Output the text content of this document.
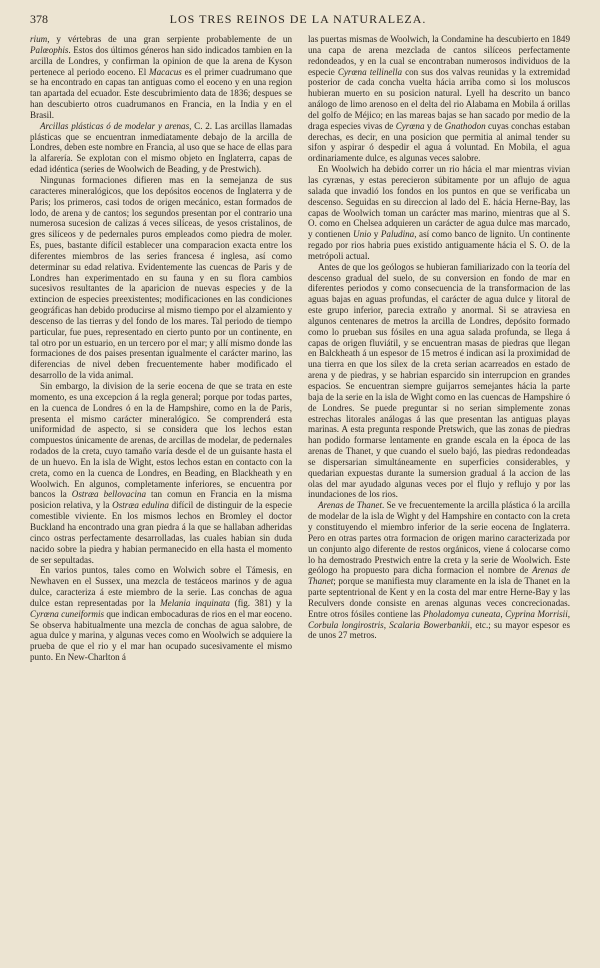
378	LOS TRES REINOS DE LA NATURALEZA.

rium, y vértebras de una gran serpiente probablemente de un Palœophis. Estos dos últimos géneros han sido indicados tambien en la arcilla de Londres, y confirman la opinion de que la arena de Kyson pertenece al periodo eoceno. El Macacus es el primer cuadrumano que se ha encontrado en capas tan antiguas como el eoceno y en una region tan apartada del ecuador. Este descubrimiento data de 1836; despues se han descubierto otros cuadrumanos en Francia, en la India y en el Brasil.

Arcillas plásticas ó de modelar y arenas, C. 2. Las arcillas llamadas plásticas que se encuentran inmediatamente debajo de la arcilla de Londres, deben este nombre en Francia, al uso que se hace de ellas para la alfarería. Se explotan con el mismo objeto en Inglaterra, capas de edad idéntica (series de Woolwich de Beading, y de Prestwich).

Ningunas formaciones difieren mas en la semejanza de sus caracteres mineralógicos, que los depósitos eocenos de Inglaterra y de Paris; los primeros, casi todos de origen mecánico, estan formados de lodo, de arena y de cantos; los segundos presentan por el contrario una numerosa sucesion de calizas á veces silíceas, de yesos cristalinos, de gres silíceos y de pedernales puros empleados como piedra de moler. Es, pues, bastante difícil establecer una comparacion exacta entre los diferentes miembros de las series francesa é inglesa, así como determinar su edad relativa. Evidentemente las cuencas de Paris y de Londres han experimentado en su fauna y en su flora cambios sucesivos resultantes de la aparicion de nuevas especies y de la extincion de especies preexistentes; modificaciones en las condiciones geográficas han debido producirse al mismo tiempo por el alzamiento y descenso de las tierras y del fondo de los mares. Tal periodo de tiempo particular, fue pues, representado en cierto punto por un continente, en tal otro por un estuario, en un tercero por el mar; y allí mismo donde las formaciones de dos paises presentan igualmente el carácter marino, las diferencias de nivel deben frecuentemente haber modificado el desarrollo de la vida animal.

Sin embargo, la division de la serie eocena de que se trata en este momento, es una excepcion á la regla general; porque por todas partes, en la cuenca de Londres ó en la de Hampshire, como en la de Paris, presenta el mismo carácter mineralógico. Se comprenderá esta uniformidad de aspecto, si se considera que los lechos estan compuestos únicamente de arenas, de arcillas de modelar, de pedernales rodados de la creta, cuyo tamaño varía desde el de un guisante hasta el de un huevo. En la isla de Wight, estos lechos estan en contacto con la creta, como en la cuenca de Londres, en Beading, en Blackheath y en Woolwich. En algunos, completamente inferiores, se encuentra por bancos la Ostræa bellovacina tan comun en Francia en la misma posicion relativa, y la Ostræa edulina difícil de distinguir de la especie comestible viviente. En los mismos lechos en Bromley el doctor Buckland ha encontrado una gran piedra á la que se hallaban adheridas cinco ostras perfectamente desarrolladas, las cuales habian sin duda nacido sobre la piedra y habian permanecido en ella hasta el momento de ser sepultadas.

En varios puntos, tales como en Wolwich sobre el Támesis, en Newhaven en el Sussex, una mezcla de testáceos marinos y de agua dulce, caracteriza á este miembro de la serie. Las conchas de agua dulce estan representadas por la Melania inquinata (fig. 381) y la Cyrœna cuneiformis que indican embocaduras de rios en el mar eoceno. Se observa habitualmente una mezcla de conchas de agua salobre, de agua dulce y marina, y algunas veces como en Woolwich se adquiere la prueba de que el rio y el mar han ocupado sucesivamente el mismo punto. En New-Charlton á

las puertas mismas de Woolwich, la Condamine ha descubierto en 1849 una capa de arena mezclada de cantos silíceos perfectamente redondeados, y en la cual se encontraban numerosos individuos de la especie Cyrœna tellinella con sus dos valvas reunidas y la extremidad posterior de cada concha vuelta hácia arriba como si los moluscos hubieran muerto en su posicion natural. Lyell ha descrito un banco análogo de limo arenoso en el delta del rio Alabama en Mobila á orillas del golfo de Méjico; en las mareas bajas se han sacado por medio de la draga especies vivas de Cyrœna y de Gnathodon cuyas conchas estaban derechas, es decir, en una posicion que permitia al animal tender su sifon y aspirar ó despedir el agua á voluntad. En Mobila, el agua ordinariamente dulce, es algunas veces salobre.

En Woolwich ha debido correr un rio hácia el mar mientras vivian las cyrænas, y estas perecieron súbitamente por un aflujo de agua salada que invadió los fondos en los puntos en que se verificaba un descenso. Seguidas en su direccion al lado del E. hácia Herne-Bay, las capas de Woolwich toman un carácter mas marino, mientras que al S. O. como en Chelsea adquieren un carácter de agua dulce mas marcado, y contienen Unio y Paludina, así como banco de lignito. Un continente regado por rios habria pues existido antiguamente hácia el S. O. de la metrópoli actual.

Antes de que los geólogos se hubieran familiarizado con la teoría del descenso gradual del suelo, de su conversion en fondo de mar en diferentes periodos y como consecuencia de la transformacion de las aguas bajas en aguas profundas, el carácter de agua dulce y litoral de este grupo inferior, parecia extraño y anormal. Si se atraviesa en algunos centenares de metros la arcilla de Londres, depósito formado como lo prueban sus fósiles en una agua salada profunda, se llega á capas de origen fluviátil, y se encuentran masas de piedras que llegan en Balckheath á un espesor de 15 metros é indican así la proximidad de una tierra en que los sílex de la creta serian acarreados en estado de arena y de piedras, y se habrian esparcido sin interrupcion en grandes espacios. Se encuentran siempre guijarros semejantes hácia la parte baja de la serie en la isla de Wight como en las cuencas de Hampshire ó de Londres. Se puede preguntar si no serian simplemente zonas estrechas litorales análogas á las que presentan las antiguas playas marinas. A esta pregunta responde Pretswich, que las zonas de piedras han podido formarse lentamente en grande escala en la época de las arenas de Thanet, y que cuando el suelo bajó, las piedras redondeadas se dispersarian simultáneamente en superficies considerables, y quedarian expuestas durante la sumersion gradual á la accion de las olas del mar ayudado algunas veces por el flujo y reflujo y por las inundaciones de los rios.

Arenas de Thanet. Se ve frecuentemente la arcilla plástica ó la arcilla de modelar de la isla de Wight y del Hampshire en contacto con la creta y constituyendo el miembro inferior de la serie eocena de Inglaterra. Pero en otras partes otra formacion de origen marino caracterizada por un conjunto algo diferente de restos orgánicos, viene á colocarse como lo ha demostrado Prestwich entre la creta y la serie de Woolwich. Este geólogo ha propuesto para dicha formacion el nombre de Arenas de Thanet; porque se manifiesta muy claramente en la isla de Thanet en la parte septentrional de Kent y en la costa del mar entre Herne-Bay y las Reculvers donde consiste en arenas algunas veces concrecionadas. Entre otros fósiles contiene las Pholadomya cuneata, Cyprina Morrisii, Corbula longirostris, Scalaria Bowerbankii, etc.; su mayor espesor es de unos 27 metros.
